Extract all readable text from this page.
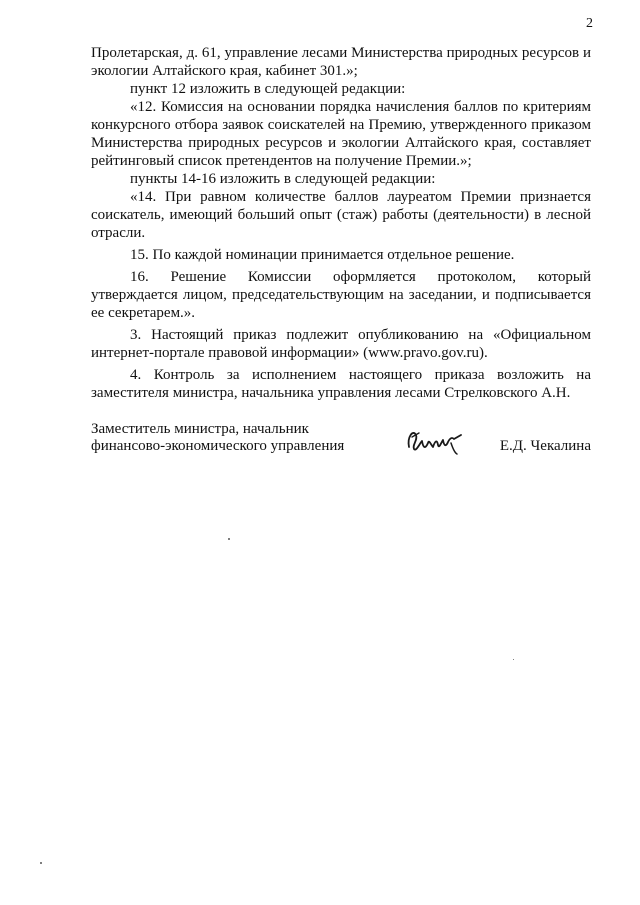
2

Пролетарская, д. 61, управление лесами Министерства природных ресурсов и экологии Алтайского края, кабинет 301.»;

пункт 12 изложить в следующей редакции:

«12. Комиссия на основании порядка начисления баллов по критериям конкурсного отбора заявок соискателей на Премию, утвержденного приказом Министерства природных ресурсов и экологии Алтайского края, составляет рейтинговый список претендентов на получение Премии.»;

пункты 14-16 изложить в следующей редакции:

«14. При равном количестве баллов лауреатом Премии признается соискатель, имеющий больший опыт (стаж) работы (деятельности) в лесной отрасли.

15. По каждой номинации принимается отдельное решение.

16. Решение Комиссии оформляется протоколом, который утверждается лицом, председательствующим на заседании, и подписывается ее секретарем.».

3. Настоящий приказ подлежит опубликованию на «Официальном интернет-портале правовой информации» (www.pravo.gov.ru).

4. Контроль за исполнением настоящего приказа возложить на заместителя министра, начальника управления лесами Стрелковского А.Н.

Заместитель министра, начальник
финансово-экономического управления	Е.Д. Чекалина
